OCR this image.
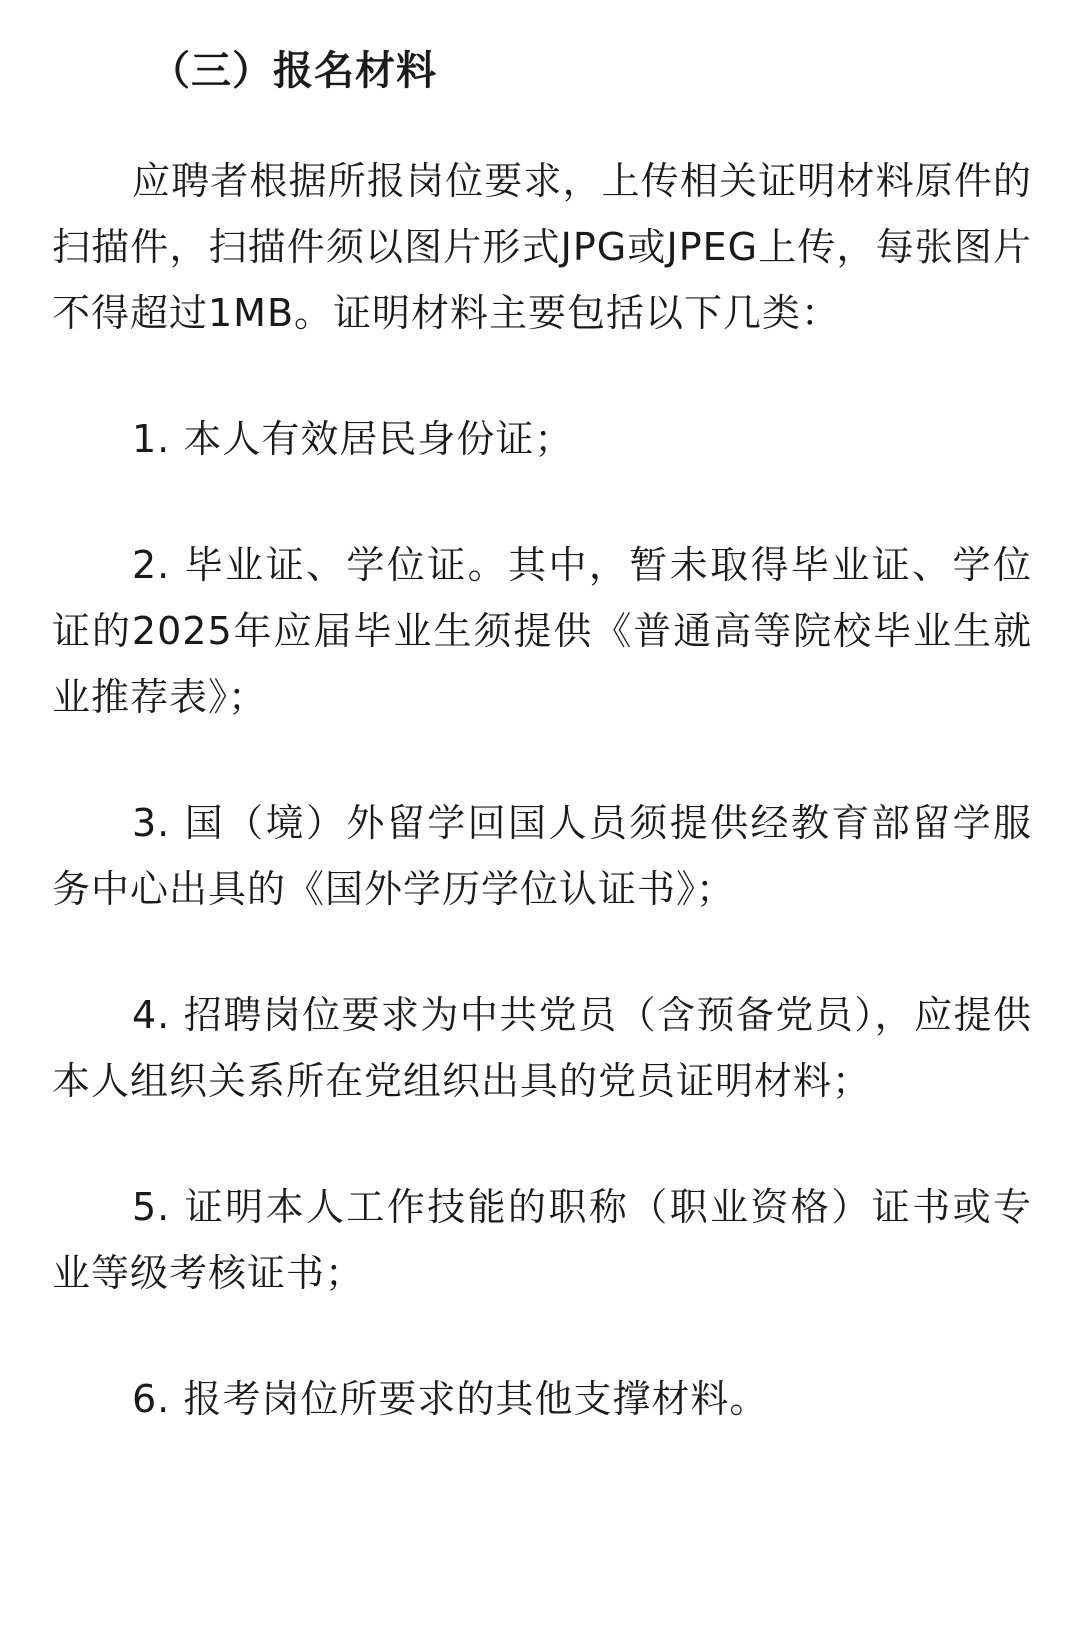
（三）报名材料

应聘者根据所报岗位要求，上传相关证明材料原件的扫描件，扫描件须以图片形式JPG或JPEG上传，每张图片不得超过1MB。证明材料主要包括以下几类：

1. 本人有效居民身份证；

2. 毕业证、学位证。其中，暂未取得毕业证、学位证的2025年应届毕业生须提供《普通高等院校毕业生就业推荐表》；

3. 国（境）外留学回国人员须提供经教育部留学服务中心出具的《国外学历学位认证书》；

4. 招聘岗位要求为中共党员（含预备党员），应提供本人组织关系所在党组织出具的党员证明材料；

5. 证明本人工作技能的职称（职业资格）证书或专业等级考核证书；

6. 报考岗位所要求的其他支撑材料。
